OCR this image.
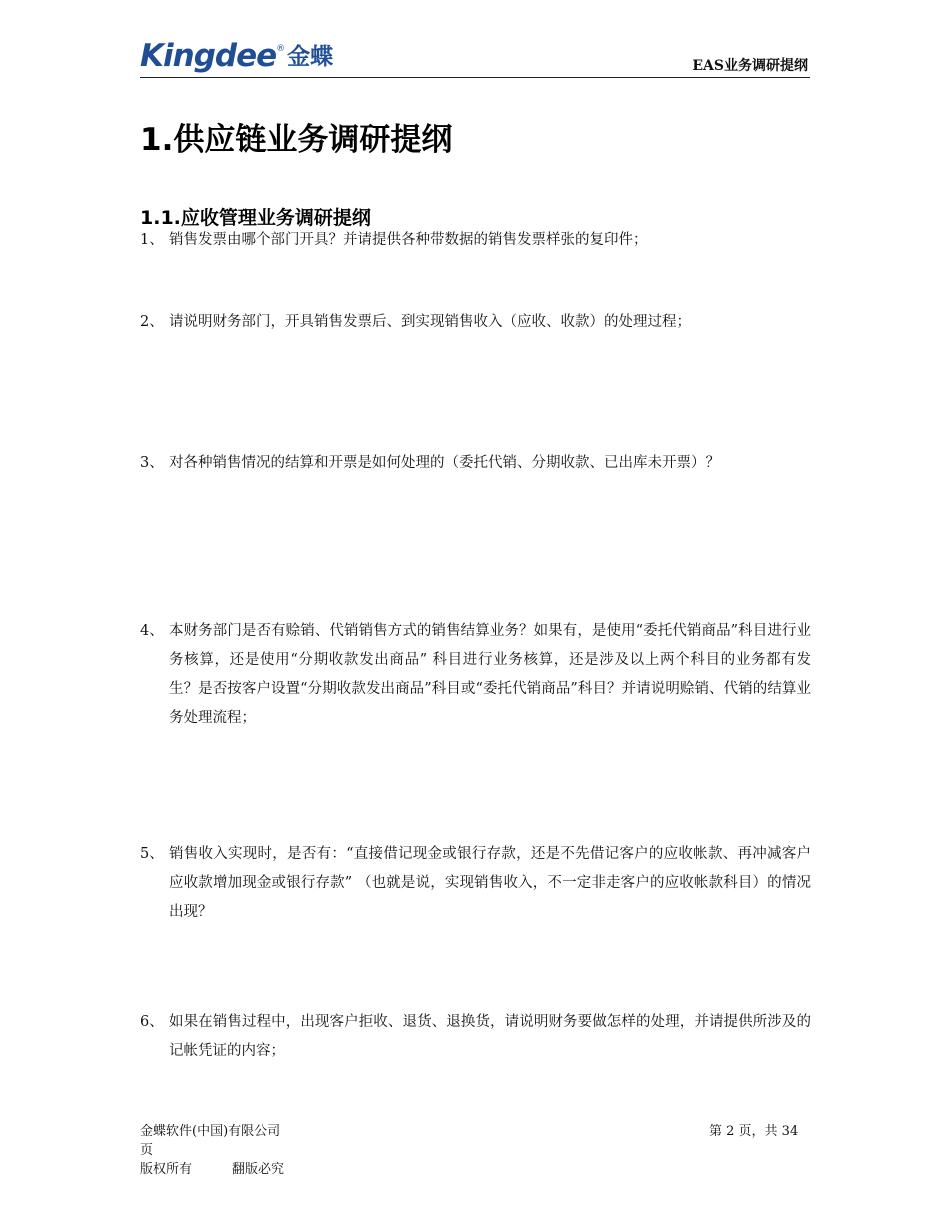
Kingdee ® 金蝶	EAS业务调研提纲
1.供应链业务调研提纲
1.1.应收管理业务调研提纲
1、 销售发票由哪个部门开具？并请提供各种带数据的销售发票样张的复印件；
2、 请说明财务部门，开具销售发票后、到实现销售收入（应收、收款）的处理过程；
3、 对各种销售情况的结算和开票是如何处理的（委托代销、分期收款、已出库未开票）？
4、 本财务部门是否有赊销、代销销售方式的销售结算业务？如果有，是使用“委托代销商品”科目进行业务核算，还是使用“分期收款发出商品” 科目进行业务核算，还是涉及以上两个科目的业务都有发生？是否按客户设置“分期收款发出商品”科目或“委托代销商品”科目？并请说明赊销、代销的结算业务处理流程；
5、 销售收入实现时，是否有：“直接借记现金或银行存款，还是不先借记客户的应收帐款、再冲减客户应收款增加现金或银行存款” （也就是说，实现销售收入，不一定非走客户的应收帐款科目）的情况出现？
6、 如果在销售过程中，出现客户拒收、退货、退换货，请说明财务要做怎样的处理，并请提供所涉及的记帐凭证的内容；
金蝶软件(中国)有限公司
页
版权所有	翻版必究
第 2 页，共 34
